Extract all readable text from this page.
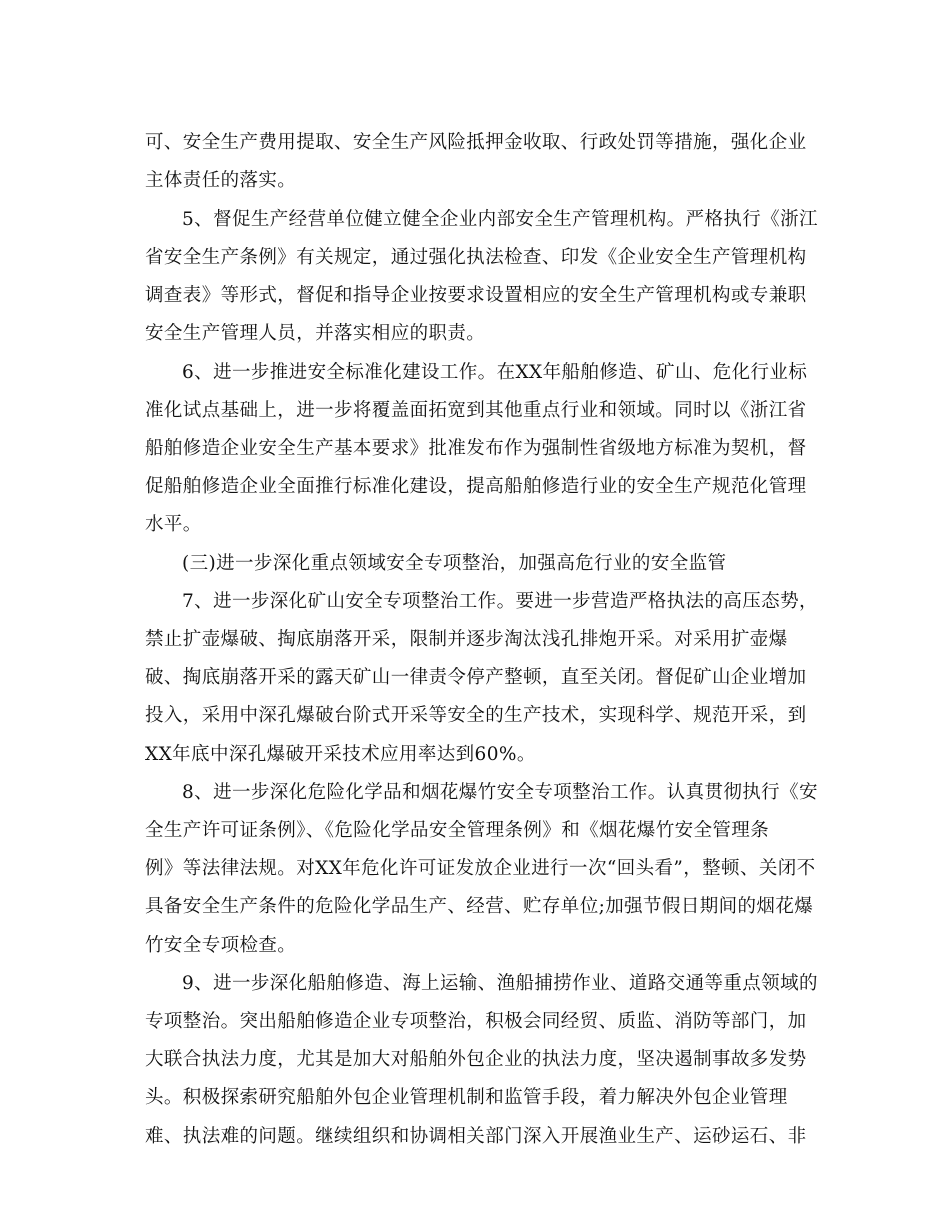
可、安全生产费用提取、安全生产风险抵押金收取、行政处罚等措施，强化企业
主体责任的落实。
5、督促生产经营单位健立健全企业内部安全生产管理机构。严格执行《浙江
省安全生产条例》有关规定，通过强化执法检查、印发《企业安全生产管理机构
调查表》等形式，督促和指导企业按要求设置相应的安全生产管理机构或专兼职
安全生产管理人员，并落实相应的职责。
6、进一步推进安全标准化建设工作。在XX年船舶修造、矿山、危化行业标
准化试点基础上，进一步将覆盖面拓宽到其他重点行业和领域。同时以《浙江省
船舶修造企业安全生产基本要求》批准发布作为强制性省级地方标准为契机，督
促船舶修造企业全面推行标准化建设，提高船舶修造行业的安全生产规范化管理
水平。
(三)进一步深化重点领域安全专项整治，加强高危行业的安全监管
7、进一步深化矿山安全专项整治工作。要进一步营造严格执法的高压态势，
禁止扩壶爆破、掏底崩落开采，限制并逐步淘汰浅孔排炮开采。对采用扩壶爆
破、掏底崩落开采的露天矿山一律责令停产整顿，直至关闭。督促矿山企业增加
投入，采用中深孔爆破台阶式开采等安全的生产技术，实现科学、规范开采，到
XX年底中深孔爆破开采技术应用率达到60%。
8、进一步深化危险化学品和烟花爆竹安全专项整治工作。认真贯彻执行《安
全生产许可证条例》、《危险化学品安全管理条例》和《烟花爆竹安全管理条
例》等法律法规。对XX年危化许可证发放企业进行一次“回头看”，整顿、关闭不
具备安全生产条件的危险化学品生产、经营、贮存单位;加强节假日期间的烟花爆
竹安全专项检查。
9、进一步深化船舶修造、海上运输、渔船捕捞作业、道路交通等重点领域的
专项整治。突出船舶修造企业专项整治，积极会同经贸、质监、消防等部门，加
大联合执法力度，尤其是加大对船舶外包企业的执法力度，坚决遏制事故多发势
头。积极探索研究船舶外包企业管理机制和监管手段，着力解决外包企业管理
难、执法难的问题。继续组织和协调相关部门深入开展渔业生产、运砂运石、非
